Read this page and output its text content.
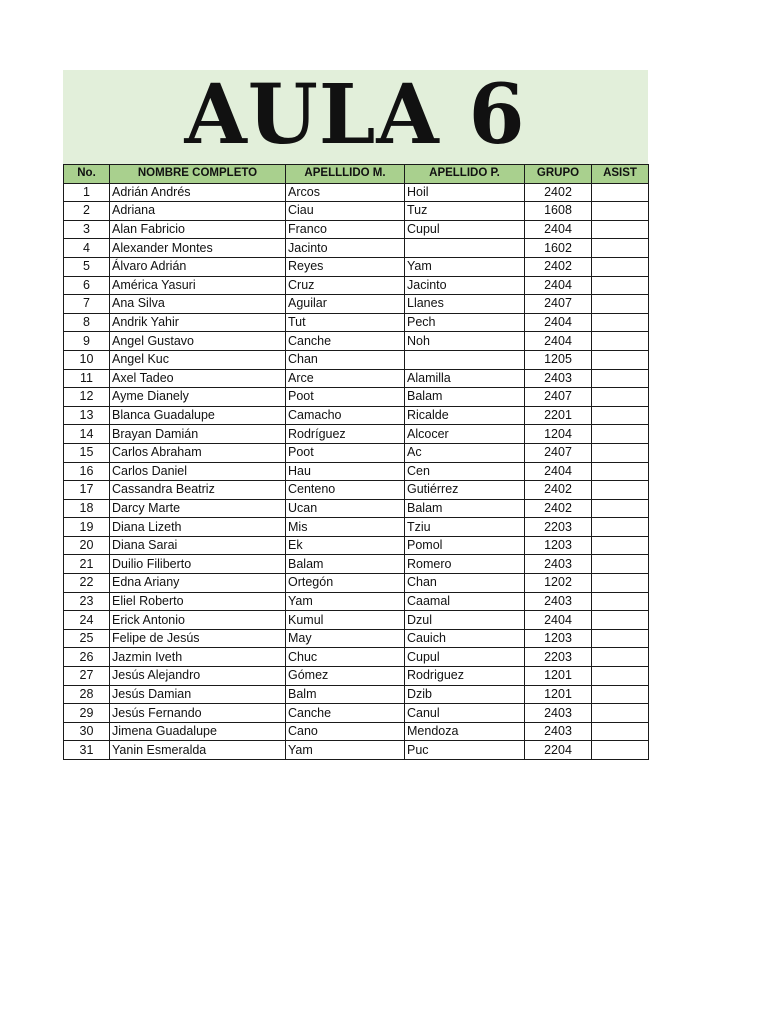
AULA 6
No.	NOMBRE COMPLETO	APELLLIDO M.	APELLIDO P.	GRUPO	ASIST
1	Adrián Andrés	Arcos	Hoil	2402	
2	Adriana	Ciau	Tuz	1608	
3	Alan Fabricio	Franco	Cupul	2404	
4	Alexander Montes	Jacinto		1602	
5	Álvaro Adrián	Reyes	Yam	2402	
6	América Yasuri	Cruz	Jacinto	2404	
7	Ana Silva	Aguilar	Llanes	2407	
8	Andrik Yahir	Tut	Pech	2404	
9	Angel Gustavo	Canche	Noh	2404	
10	Angel Kuc	Chan		1205	
11	Axel Tadeo	Arce	Alamilla	2403	
12	Ayme Dianely	Poot	Balam	2407	
13	Blanca Guadalupe	Camacho	Ricalde	2201	
14	Brayan Damián	Rodríguez	Alcocer	1204	
15	Carlos Abraham	Poot	Ac	2407	
16	Carlos Daniel	Hau	Cen	2404	
17	Cassandra Beatriz	Centeno	Gutiérrez	2402	
18	Darcy Marte	Ucan	Balam	2402	
19	Diana Lizeth	Mis	Tziu	2203	
20	Diana Sarai	Ek	Pomol	1203	
21	Duilio Filiberto	Balam	Romero	2403	
22	Edna Ariany	Ortegón	Chan	1202	
23	Eliel Roberto	Yam	Caamal	2403	
24	Erick Antonio	Kumul	Dzul	2404	
25	Felipe de Jesús	May	Cauich	1203	
26	Jazmin Iveth	Chuc	Cupul	2203	
27	Jesús Alejandro	Gómez	Rodriguez	1201	
28	Jesús Damian	Balm	Dzib	1201	
29	Jesús Fernando	Canche	Canul	2403	
30	Jimena Guadalupe	Cano	Mendoza	2403	
31	Yanin Esmeralda	Yam	Puc	2204	
